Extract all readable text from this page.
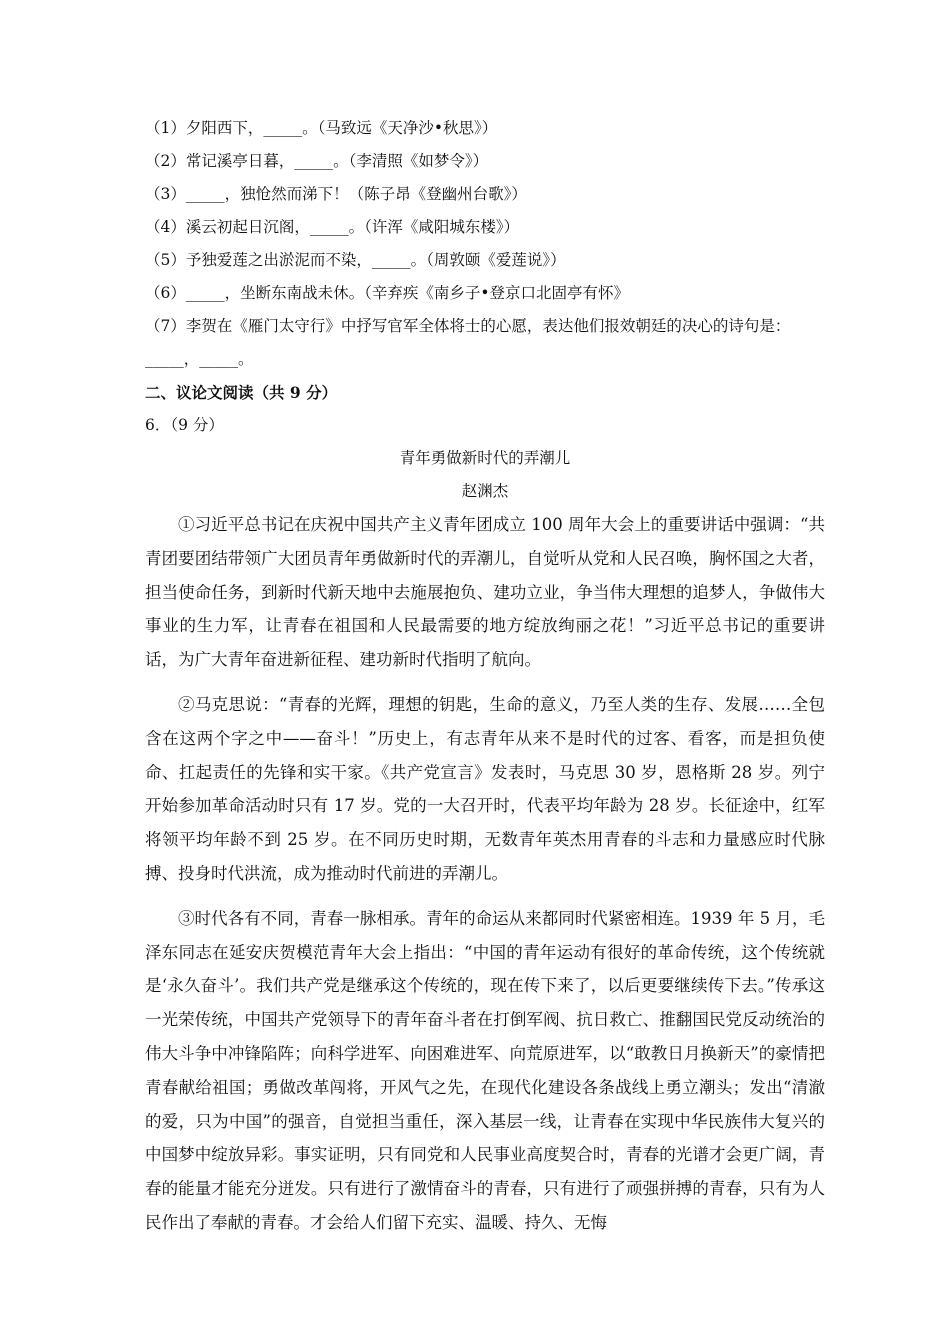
（1）夕阳西下，_____。（马致远《天净沙•秋思》）
（2）常记溪亭日暮，_____。（李清照《如梦令》）
（3）_____，独怆然而涕下！（陈子昂《登幽州台歌》）
（4）溪云初起日沉阁，_____。（许浑《咸阳城东楼》）
（5）予独爱莲之出淤泥而不染，_____。（周敦颐《爱莲说》）
（6）_____，坐断东南战未休。（辛弃疾《南乡子•登京口北固亭有怀》
（7）李贺在《雁门太守行》中抒写官军全体将士的心愿，表达他们报效朝廷的决心的诗句是：_____，_____。
二、议论文阅读（共 9 分）
6．（9 分）
青年勇做新时代的弄潮儿
赵渊杰

①习近平总书记在庆祝中国共产主义青年团成立 100 周年大会上的重要讲话中强调：“共青团要团结带领广大团员青年勇做新时代的弄潮儿，自觉听从党和人民召唤，胸怀国之大者，担当使命任务，到新时代新天地中去施展抱负、建功立业，争当伟大理想的追梦人，争做伟大事业的生力军，让青春在祖国和人民最需要的地方绽放绚丽之花！”习近平总书记的重要讲话，为广大青年奋进新征程、建功新时代指明了航向。

②马克思说：“青春的光辉，理想的钥匙，生命的意义，乃至人类的生存、发展……全包含在这两个字之中——奋斗！”历史上，有志青年从来不是时代的过客、看客，而是担负使命、扛起责任的先锋和实干家。《共产党宣言》发表时，马克思 30 岁，恩格斯 28 岁。列宁开始参加革命活动时只有 17 岁。党的一大召开时，代表平均年龄为 28 岁。长征途中，红军将领平均年龄不到 25 岁。在不同历史时期，无数青年英杰用青春的斗志和力量感应时代脉搏、投身时代洪流，成为推动时代前进的弄潮儿。

③时代各有不同，青春一脉相承。青年的命运从来都同时代紧密相连。1939 年 5 月，毛泽东同志在延安庆贺模范青年大会上指出：“中国的青年运动有很好的革命传统，这个传统就是‘永久奋斗’。我们共产党是继承这个传统的，现在传下来了，以后更要继续传下去。”传承这一光荣传统，中国共产党领导下的青年奋斗者在打倒军阀、抗日救亡、推翻国民党反动统治的伟大斗争中冲锋陷阵；向科学进军、向困难进军、向荒原进军，以“敢教日月换新天”的豪情把青春献给祖国；勇做改革闯将，开风气之先，在现代化建设各条战线上勇立潮头；发出“清澈的爱，只为中国”的强音，自觉担当重任，深入基层一线，让青春在实现中华民族伟大复兴的中国梦中绽放异彩。事实证明，只有同党和人民事业高度契合时，青春的光谱才会更广阔，青春的能量才能充分迸发。只有进行了激情奋斗的青春，只有进行了顽强拼搏的青春，只有为人民作出了奉献的青春。才会给人们留下充实、温暖、持久、无悔
